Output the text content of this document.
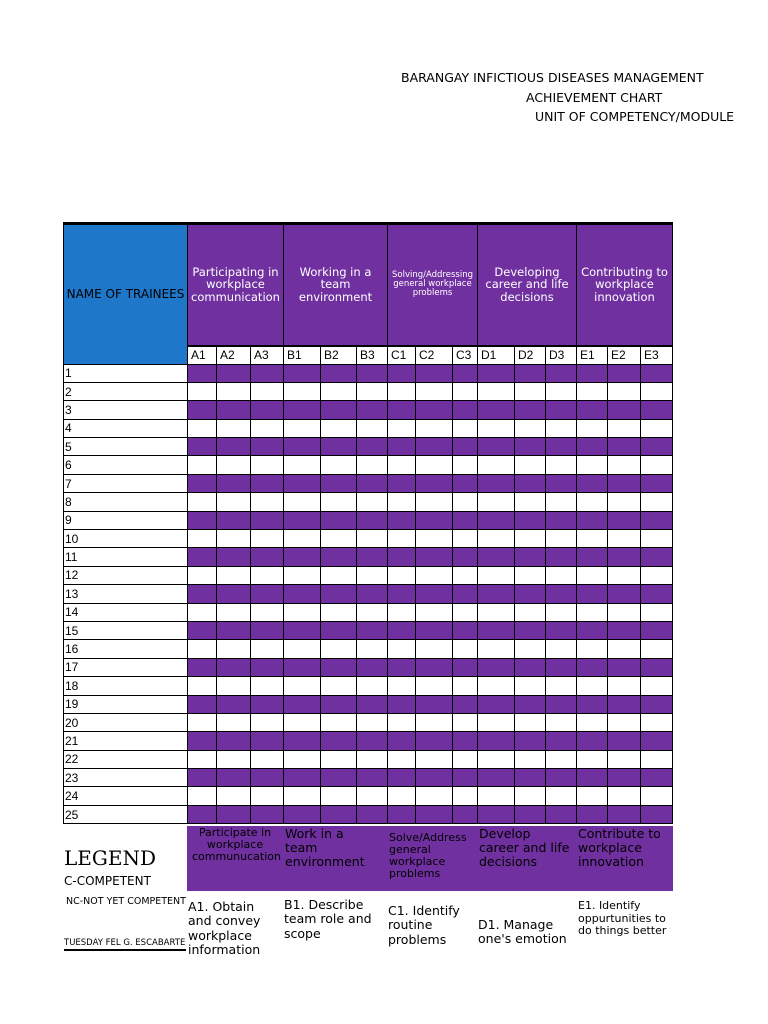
BARANGAY INFICTIOUS DISEASES MANAGEMENT
ACHIEVEMENT CHART
UNIT OF COMPETENCY/MODULE
NAME OF TRAINEES	Participating in workplace communication			Working in a team environment			Solving/Addressing general workplace problems			Developing career and life decisions			Contributing to workplace innovation		
	A1	A2	A3	B1	B2	B3	C1	C2	C3	D1	D2	D3	E1	E2	E3
1															
2															
3															
4															
5															
6															
7															
8															
9															
10															
11															
12															
13															
14															
15															
16															
17															
18															
19															
20															
21															
22															
23															
24															
25															
Participate in workplace communucation
Work in a team environment
Solve/Address general workplace problems
Develop career and life decisions
Contribute to workplace innovation
LEGEND
C-COMPETENT
NC-NOT YET COMPETENT
TUESDAY FEL G. ESCABARTE
A1. Obtain and convey workplace information
B1. Describe team role and scope
C1. Identify routine problems
D1. Manage one's emotion
E1. Identify oppurtunities to do things better
